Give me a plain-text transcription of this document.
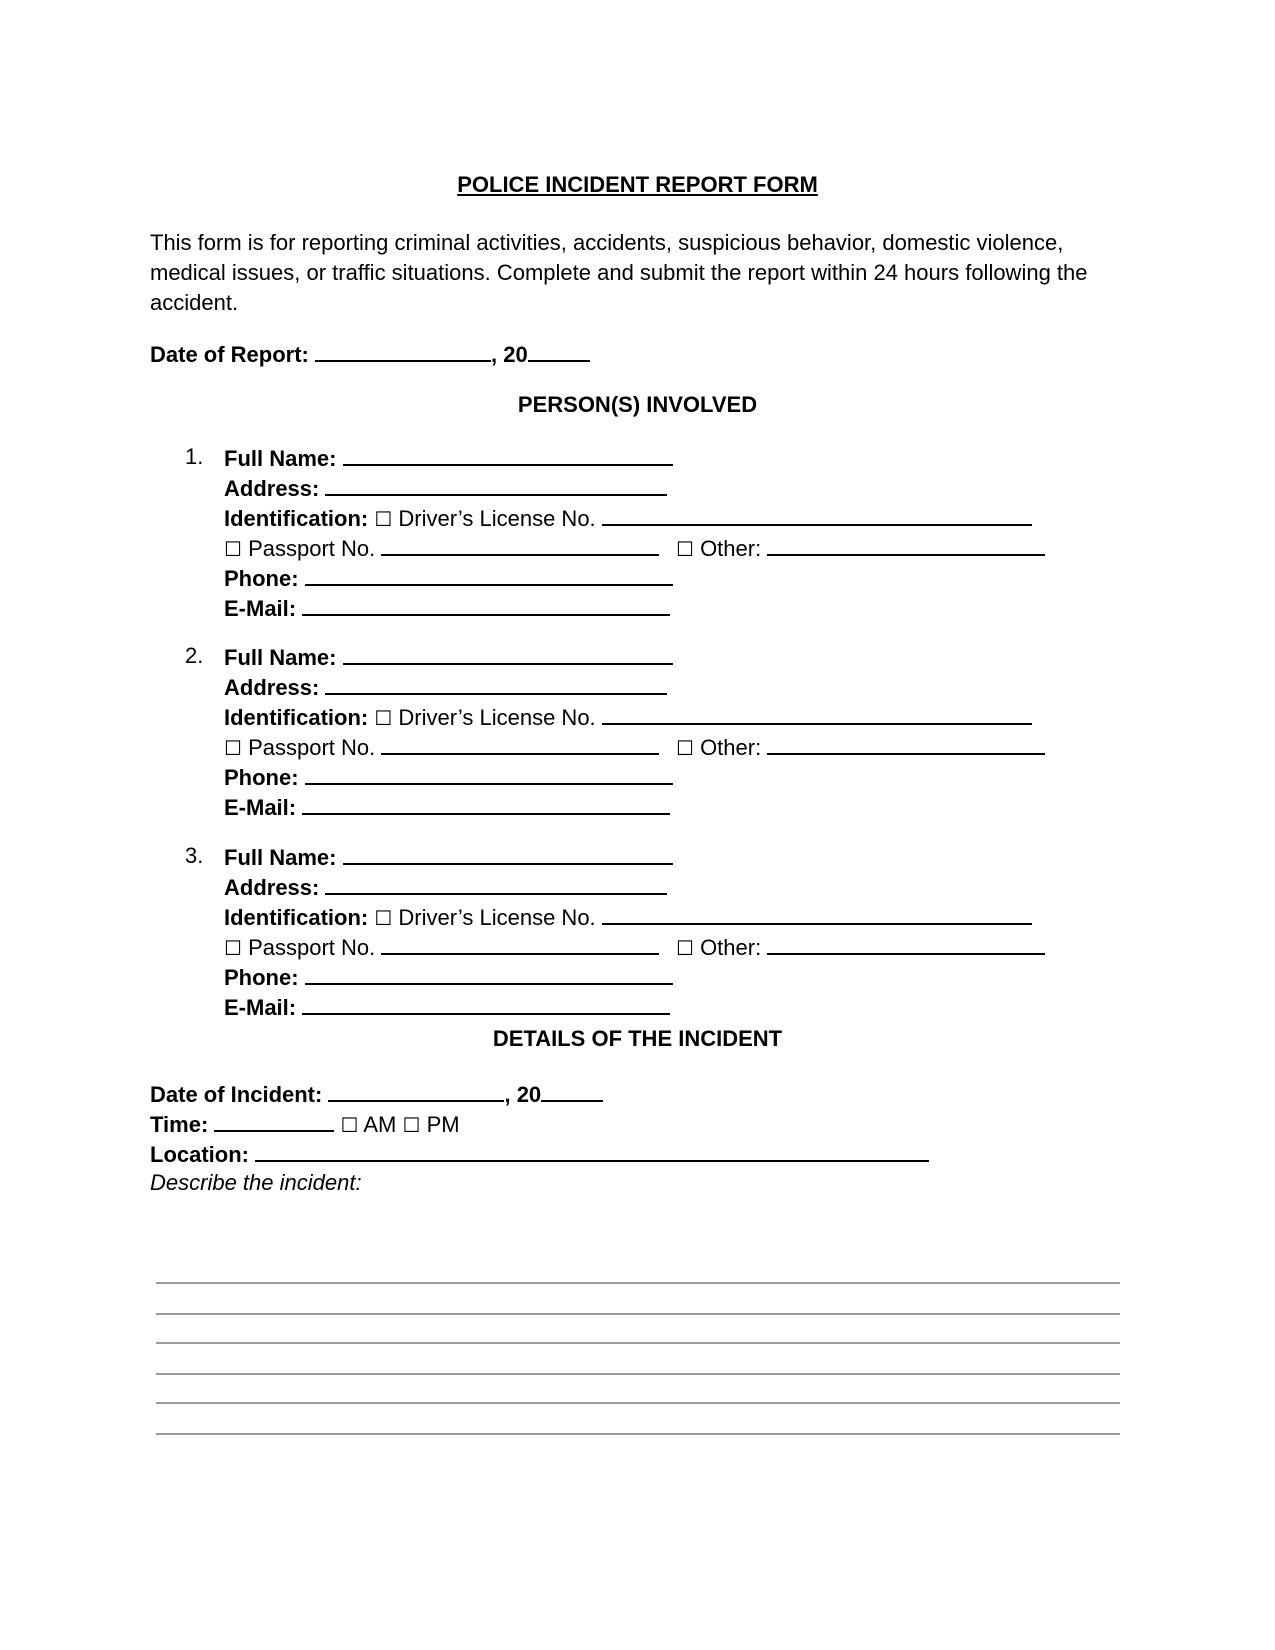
POLICE INCIDENT REPORT FORM
This form is for reporting criminal activities, accidents, suspicious behavior, domestic violence, medical issues, or traffic situations. Complete and submit the report within 24 hours following the accident.
Date of Report:	, 20
PERSON(S) INVOLVED
1. Full Name:
Address:
Identification: ☐ Driver’s License No.
☐ Passport No.	☐ Other:
Phone:
E-Mail:
2. Full Name:
Address:
Identification: ☐ Driver’s License No.
☐ Passport No.	☐ Other:
Phone:
E-Mail:
3. Full Name:
Address:
Identification: ☐ Driver’s License No.
☐ Passport No.	☐ Other:
Phone:
E-Mail:
DETAILS OF THE INCIDENT
Date of Incident:	, 20
Time:	☐ AM ☐ PM
Location:
Describe the incident:
